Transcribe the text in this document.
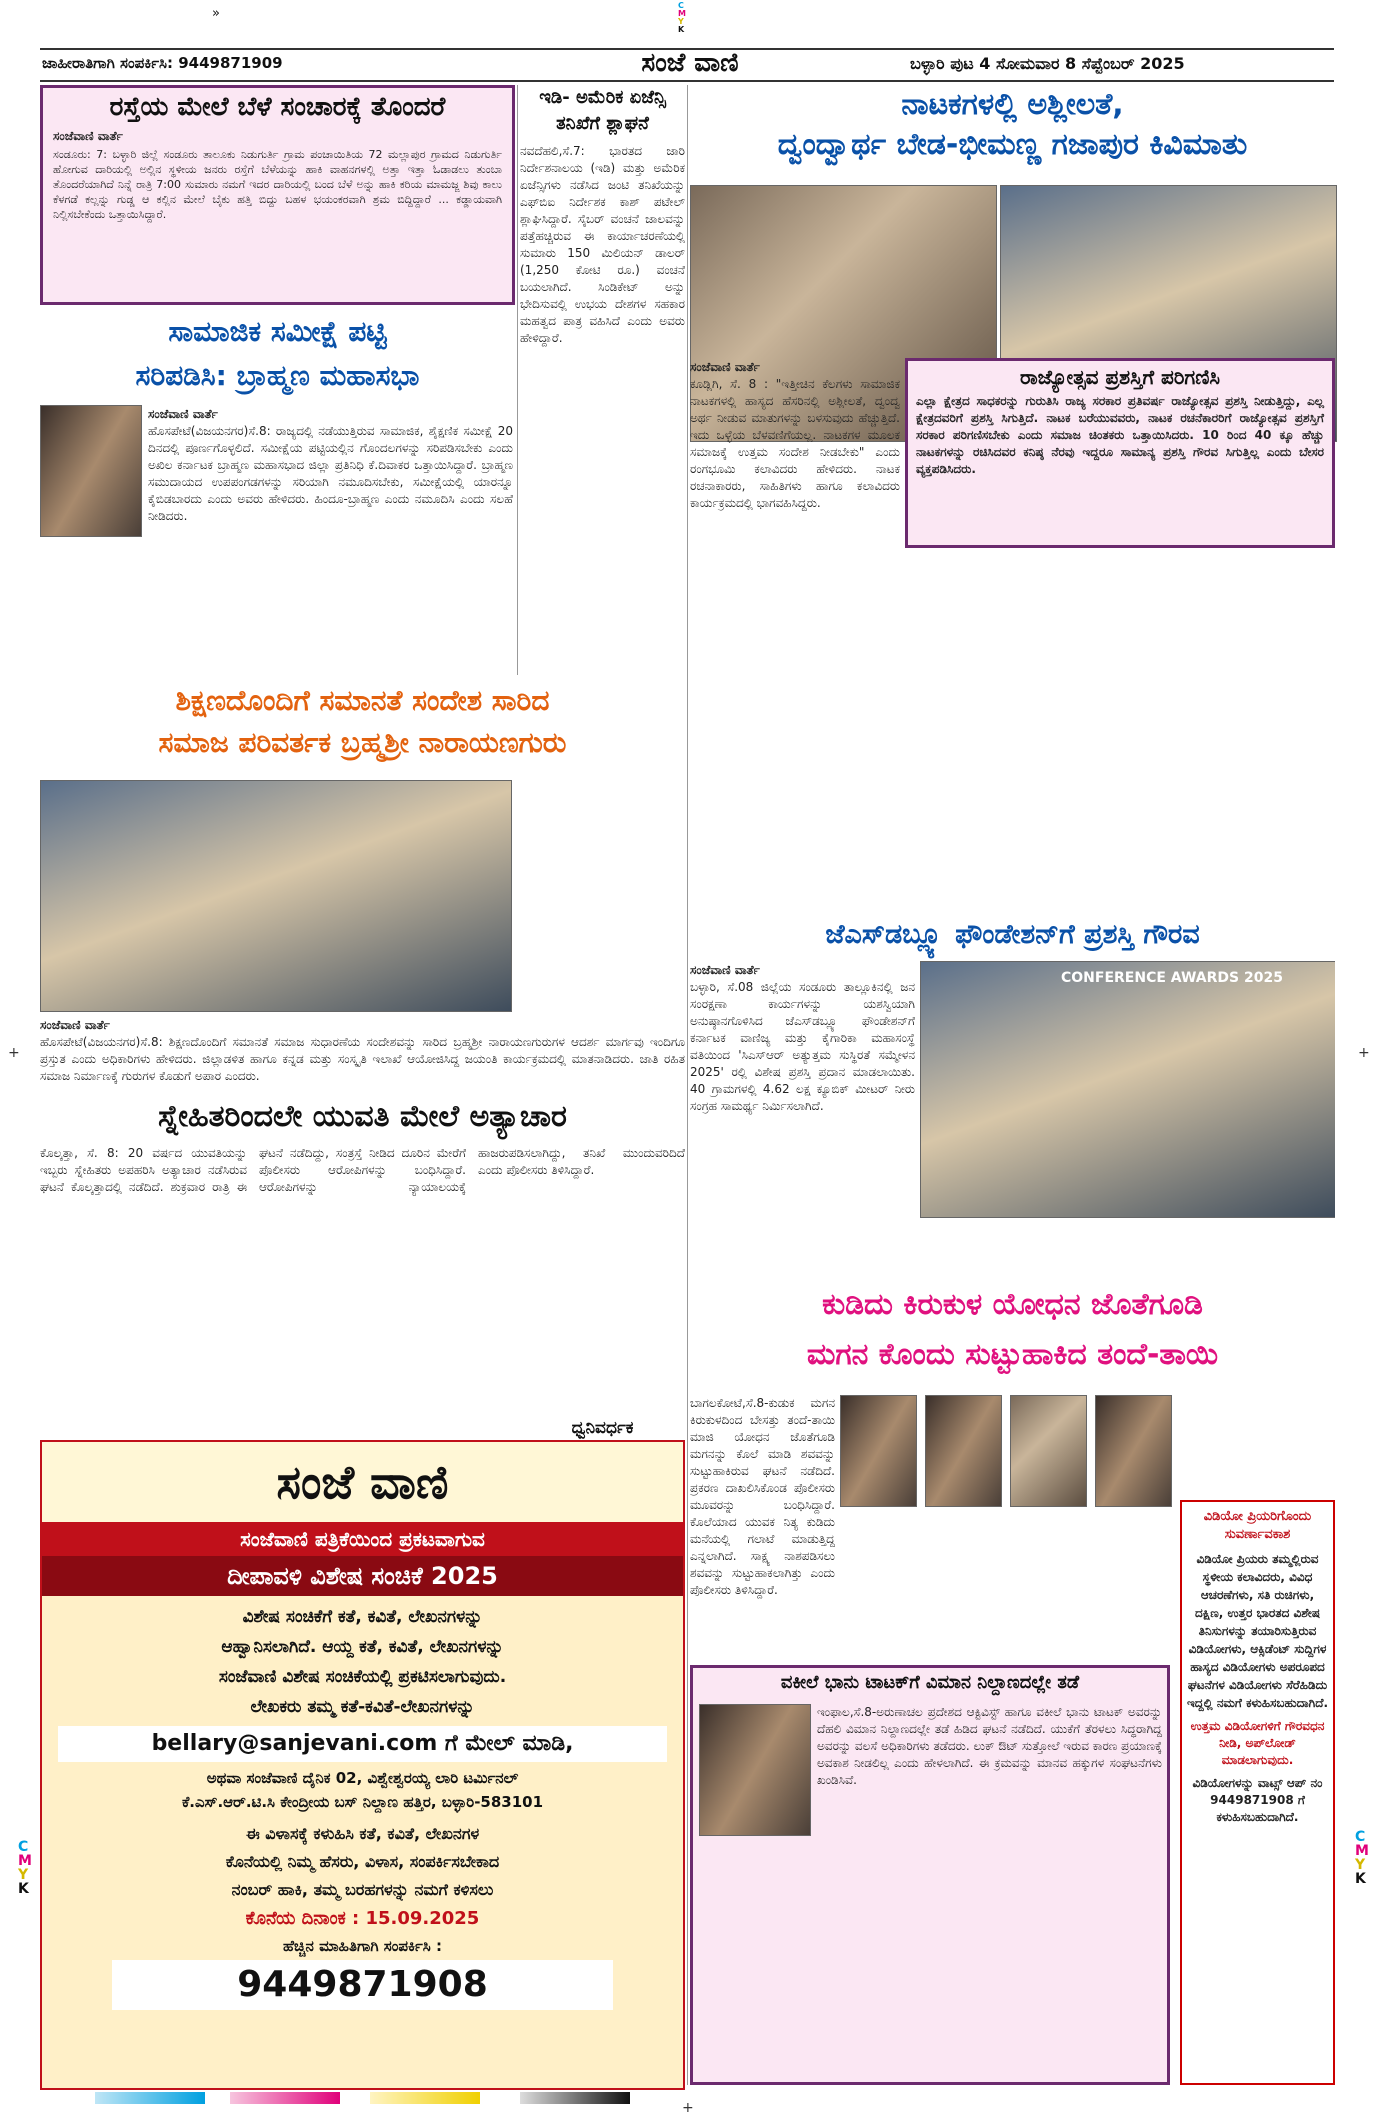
»
C
M
Y
K
C
M
Y
K
C
M
Y
K
+	+
+
ಜಾಹೀರಾತಿಗಾಗಿ ಸಂಪರ್ಕಿಸಿ: 9449871909	ಸಂಜೆ ವಾಣಿ	ಬಳ್ಳಾರಿ ಪುಟ 4 ಸೋಮವಾರ 8 ಸೆಪ್ಟೆಂಬರ್ 2025
ರಸ್ತೆಯ ಮೇಲೆ ಬೆಳೆ ಸಂಚಾರಕ್ಕೆ ತೊಂದರೆ
ಸಂಜೆವಾಣಿ ವಾರ್ತೆ
ಸಂಡೂರು: 7: ಬಳ್ಳಾರಿ ಜಿಲ್ಲೆ ಸಂಡೂರು ತಾಲೂಕು ನಿಡುಗುರ್ತಿ ಗ್ರಾಮ ಪಂಚಾಯಿತಿಯ 72 ಮಲ್ಲಾಪುರ ಗ್ರಾಮದ ನಿಡುಗುರ್ತಿ ಹೋಗುವ ದಾರಿಯಲ್ಲಿ ಅಲ್ಲಿನ ಸ್ಥಳೀಯ ಜನರು ರಸ್ತೆಗೆ ಬೆಳೆಯನ್ನು ಹಾಕಿ ವಾಹನಗಳಲ್ಲಿ ಅತ್ತಾ ಇತ್ತಾ ಓಡಾಡಲು ತುಂಬಾ ತೊಂದರೆಯಾಗಿದೆ ನಿನ್ನೆ ರಾತ್ರಿ 7:00 ಸುಮಾರು ನಮಗೆ ಇದರ ದಾರಿಯಲ್ಲಿ ಬಂದ ಬೆಳೆ ಅನ್ನು ಹಾಕಿ ಕರಿಯ ಮಾಮಜ್ಜ ಶಿವು ಕಾಲು ಕೆಳಗಡೆ ಕಲ್ಲನ್ನು ಗುಡ್ಡ ಆ ಕಲ್ಲಿನ ಮೇಲೆ ಬೈಕು ಹತ್ತಿ ಬಿದ್ದು ಬಹಳ ಭಯಂಕರವಾಗಿ ಶ್ರಮ ಬಿದ್ದಿದ್ದಾರೆ ... ಕಡ್ಡಾಯವಾಗಿ ನಿಲ್ಲಿಸಬೇಕೆಂದು ಒತ್ತಾಯಿಸಿದ್ದಾರೆ.
ಇಡಿ- ಅಮೆರಿಕ ಏಜೆನ್ಸಿ ತನಿಖೆಗೆ ಶ್ಲಾಘನೆ
ನವದೆಹಲಿ,ಸೆ.7: ಭಾರತದ ಜಾರಿ ನಿರ್ದೇಶನಾಲಯ (ಇಡಿ) ಮತ್ತು ಅಮೆರಿಕ ಏಜೆನ್ಸಿಗಳು ನಡೆಸಿದ ಜಂಟಿ ತನಿಖೆಯನ್ನು ಎಫ್‌ಬಿಐ ನಿರ್ದೇಶಕ ಕಾಶ್ ಪಟೇಲ್ ಶ್ಲಾಘಿಸಿದ್ದಾರೆ. ಸೈಬರ್ ವಂಚನೆ ಜಾಲವನ್ನು ಪತ್ತೆಹಚ್ಚಿರುವ ಈ ಕಾರ್ಯಾಚರಣೆಯಲ್ಲಿ ಸುಮಾರು 150 ಮಿಲಿಯನ್ ಡಾಲರ್ (1,250 ಕೋಟಿ ರೂ.) ವಂಚನೆ ಬಯಲಾಗಿದೆ. ಸಿಂಡಿಕೇಟ್ ಅನ್ನು ಭೇದಿಸುವಲ್ಲಿ ಉಭಯ ದೇಶಗಳ ಸಹಕಾರ ಮಹತ್ವದ ಪಾತ್ರ ವಹಿಸಿದೆ ಎಂದು ಅವರು ಹೇಳಿದ್ದಾರೆ.
ನಾಟಕಗಳಲ್ಲಿ ಅಶ್ಲೀಲತೆ,
ದ್ವಂದ್ವಾರ್ಥ ಬೇಡ-ಭೀಮಣ್ಣ ಗಜಾಪುರ ಕಿವಿಮಾತು
ಸಂಜೆವಾಣಿ ವಾರ್ತೆ
ಕೂಡ್ಲಿಗಿ, ಸೆ. 8 : "ಇತ್ತೀಚಿನ ಕೆಲಗಳು ಸಾಮಾಜಿಕ ನಾಟಕಗಳಲ್ಲಿ ಹಾಸ್ಯದ ಹೆಸರಿನಲ್ಲಿ ಅಶ್ಲೀಲತೆ, ದ್ವಂದ್ವ ಅರ್ಥ ನೀಡುವ ಮಾತುಗಳನ್ನು ಬಳಸುವುದು ಹೆಚ್ಚುತ್ತಿದೆ. ಇದು ಒಳ್ಳೆಯ ಬೆಳವಣಿಗೆಯಲ್ಲ. ನಾಟಕಗಳ ಮೂಲಕ ಸಮಾಜಕ್ಕೆ ಉತ್ತಮ ಸಂದೇಶ ನೀಡಬೇಕು" ಎಂದು ರಂಗಭೂಮಿ ಕಲಾವಿದರು ಹೇಳಿದರು. ನಾಟಕ ರಚನಾಕಾರರು, ಸಾಹಿತಿಗಳು ಹಾಗೂ ಕಲಾವಿದರು ಕಾರ್ಯಕ್ರಮದಲ್ಲಿ ಭಾಗವಹಿಸಿದ್ದರು.
ರಾಜ್ಯೋತ್ಸವ ಪ್ರಶಸ್ತಿಗೆ ಪರಿಗಣಿಸಿ
ಎಲ್ಲಾ ಕ್ಷೇತ್ರದ ಸಾಧಕರನ್ನು ಗುರುತಿಸಿ ರಾಜ್ಯ ಸರಕಾರ ಪ್ರತಿವರ್ಷ ರಾಜ್ಯೋತ್ಸವ ಪ್ರಶಸ್ತಿ ನೀಡುತ್ತಿದ್ದು, ಎಲ್ಲ ಕ್ಷೇತ್ರದವರಿಗೆ ಪ್ರಶಸ್ತಿ ಸಿಗುತ್ತಿದೆ. ನಾಟಕ ಬರೆಯುವವರು, ನಾಟಕ ರಚನೆಕಾರರಿಗೆ ರಾಜ್ಯೋತ್ಸವ ಪ್ರಶಸ್ತಿಗೆ ಸರಕಾರ ಪರಿಗಣಿಸಬೇಕು ಎಂದು ಸಮಾಜ ಚಿಂತಕರು ಒತ್ತಾಯಿಸಿದರು. 10 ರಿಂದ 40 ಕ್ಕೂ ಹೆಚ್ಚು ನಾಟಕಗಳನ್ನು ರಚಿಸಿದವರ ಕನಿಷ್ಠ ನೆರವು ಇದ್ದರೂ ಸಾಮಾನ್ಯ ಪ್ರಶಸ್ತಿ ಗೌರವ ಸಿಗುತ್ತಿಲ್ಲ ಎಂದು ಬೇಸರ ವ್ಯಕ್ತಪಡಿಸಿದರು.
ಸಾಮಾಜಿಕ ಸಮೀಕ್ಷೆ ಪಟ್ಟಿ
ಸರಿಪಡಿಸಿ: ಬ್ರಾಹ್ಮಣ ಮಹಾಸಭಾ
ಸಂಜೆವಾಣಿ ವಾರ್ತೆ
ಹೊಸಪೇಟೆ(ವಿಜಯನಗರ)ಸೆ.8: ರಾಜ್ಯದಲ್ಲಿ ನಡೆಯುತ್ತಿರುವ ಸಾಮಾಜಿಕ, ಶೈಕ್ಷಣಿಕ ಸಮೀಕ್ಷೆ 20 ದಿನದಲ್ಲಿ ಪೂರ್ಣಗೊಳ್ಳಲಿದೆ. ಸಮೀಕ್ಷೆಯ ಪಟ್ಟಿಯಲ್ಲಿನ ಗೊಂದಲಗಳನ್ನು ಸರಿಪಡಿಸಬೇಕು ಎಂದು ಅಖಿಲ ಕರ್ನಾಟಕ ಬ್ರಾಹ್ಮಣ ಮಹಾಸಭಾದ ಜಿಲ್ಲಾ ಪ್ರತಿನಿಧಿ ಕೆ.ದಿವಾಕರ ಒತ್ತಾಯಿಸಿದ್ದಾರೆ. ಬ್ರಾಹ್ಮಣ ಸಮುದಾಯದ ಉಪಪಂಗಡಗಳನ್ನು ಸರಿಯಾಗಿ ನಮೂದಿಸಬೇಕು, ಸಮೀಕ್ಷೆಯಲ್ಲಿ ಯಾರನ್ನೂ ಕೈಬಿಡಬಾರದು ಎಂದು ಅವರು ಹೇಳಿದರು. ಹಿಂದೂ-ಬ್ರಾಹ್ಮಣ ಎಂದು ನಮೂದಿಸಿ ಎಂದು ಸಲಹೆ ನೀಡಿದರು.
ಶಿಕ್ಷಣದೊಂದಿಗೆ ಸಮಾನತೆ ಸಂದೇಶ ಸಾರಿದ
ಸಮಾಜ ಪರಿವರ್ತಕ ಬ್ರಹ್ಮಶ್ರೀ ನಾರಾಯಣಗುರು
ಸಂಜೆವಾಣಿ ವಾರ್ತೆ
ಹೊಸಪೇಟೆ(ವಿಜಯನಗರ)ಸೆ.8: ಶಿಕ್ಷಣದೊಂದಿಗೆ ಸಮಾನತೆ ಸಮಾಜ ಸುಧಾರಣೆಯ ಸಂದೇಶವನ್ನು ಸಾರಿದ ಬ್ರಹ್ಮಶ್ರೀ ನಾರಾಯಣಗುರುಗಳ ಆದರ್ಶ ಮಾರ್ಗವು ಇಂದಿಗೂ ಪ್ರಸ್ತುತ ಎಂದು ಅಧಿಕಾರಿಗಳು ಹೇಳಿದರು. ಜಿಲ್ಲಾಡಳಿತ ಹಾಗೂ ಕನ್ನಡ ಮತ್ತು ಸಂಸ್ಕೃತಿ ಇಲಾಖೆ ಆಯೋಜಿಸಿದ್ದ ಜಯಂತಿ ಕಾರ್ಯಕ್ರಮದಲ್ಲಿ ಮಾತನಾಡಿದರು. ಜಾತಿ ರಹಿತ ಸಮಾಜ ನಿರ್ಮಾಣಕ್ಕೆ ಗುರುಗಳ ಕೊಡುಗೆ ಅಪಾರ ಎಂದರು.
ಜೆಎಸ್‌ಡಬ್ಲ್ಯೂ ಫೌಂಡೇಶನ್‌ಗೆ ಪ್ರಶಸ್ತಿ ಗೌರವ
ಸಂಜೆವಾಣಿ ವಾರ್ತೆ
ಬಳ್ಳಾರಿ, ಸೆ.08 ಜಿಲ್ಲೆಯ ಸಂಡೂರು ತಾಲ್ಲೂಕಿನಲ್ಲಿ ಜನ ಸಂರಕ್ಷಣಾ ಕಾರ್ಯಗಳನ್ನು ಯಶಸ್ವಿಯಾಗಿ ಅನುಷ್ಠಾನಗೊಳಿಸಿದ ಜೆಎಸ್‌ಡಬ್ಲ್ಯೂ ಫೌಂಡೇಶನ್‌ಗೆ ಕರ್ನಾಟಕ ವಾಣಿಜ್ಯ ಮತ್ತು ಕೈಗಾರಿಕಾ ಮಹಾಸಂಸ್ಥೆ ವತಿಯಿಂದ 'ಸಿಎಸ್‌ಆರ್ ಅತ್ಯುತ್ತಮ ಸುಸ್ಥಿರತೆ ಸಮ್ಮೇಳನ 2025' ರಲ್ಲಿ ವಿಶೇಷ ಪ್ರಶಸ್ತಿ ಪ್ರದಾನ ಮಾಡಲಾಯಿತು. 40 ಗ್ರಾಮಗಳಲ್ಲಿ 4.62 ಲಕ್ಷ ಕ್ಯೂಬಿಕ್ ಮೀಟರ್ ನೀರು ಸಂಗ್ರಹ ಸಾಮರ್ಥ್ಯ ನಿರ್ಮಿಸಲಾಗಿದೆ.
CONFERENCE AWARDS 2025
ಸ್ನೇಹಿತರಿಂದಲೇ ಯುವತಿ ಮೇಲೆ ಅತ್ಯಾಚಾರ
ಕೊಲ್ಕತ್ತಾ, ಸೆ. 8: 20 ವರ್ಷದ ಯುವತಿಯನ್ನು ಇಬ್ಬರು ಸ್ನೇಹಿತರು ಅಪಹರಿಸಿ ಅತ್ಯಾಚಾರ ನಡೆಸಿರುವ ಘಟನೆ ಕೊಲ್ಕತ್ತಾದಲ್ಲಿ ನಡೆದಿದೆ. ಶುಕ್ರವಾರ ರಾತ್ರಿ ಈ ಘಟನೆ ನಡೆದಿದ್ದು, ಸಂತ್ರಸ್ತೆ ನೀಡಿದ ದೂರಿನ ಮೇರೆಗೆ ಪೊಲೀಸರು ಆರೋಪಿಗಳನ್ನು ಬಂಧಿಸಿದ್ದಾರೆ. ಆರೋಪಿಗಳನ್ನು ನ್ಯಾಯಾಲಯಕ್ಕೆ ಹಾಜರುಪಡಿಸಲಾಗಿದ್ದು, ತನಿಖೆ ಮುಂದುವರಿದಿದೆ ಎಂದು ಪೊಲೀಸರು ತಿಳಿಸಿದ್ದಾರೆ.
ಕುಡಿದು ಕಿರುಕುಳ ಯೋಧನ ಜೊತೆಗೂಡಿ
ಮಗನ ಕೊಂದು ಸುಟ್ಟುಹಾಕಿದ ತಂದೆ-ತಾಯಿ
ಬಾಗಲಕೋಟೆ,ಸೆ.8-ಕುಡುಕ ಮಗನ ಕಿರುಕುಳದಿಂದ ಬೇಸತ್ತು ತಂದೆ-ತಾಯಿ ಮಾಜಿ ಯೋಧನ ಜೊತೆಗೂಡಿ ಮಗನನ್ನು ಕೊಲೆ ಮಾಡಿ ಶವವನ್ನು ಸುಟ್ಟುಹಾಕಿರುವ ಘಟನೆ ನಡೆದಿದೆ. ಪ್ರಕರಣ ದಾಖಲಿಸಿಕೊಂಡ ಪೊಲೀಸರು ಮೂವರನ್ನು ಬಂಧಿಸಿದ್ದಾರೆ. ಕೊಲೆಯಾದ ಯುವಕ ನಿತ್ಯ ಕುಡಿದು ಮನೆಯಲ್ಲಿ ಗಲಾಟೆ ಮಾಡುತ್ತಿದ್ದ ಎನ್ನಲಾಗಿದೆ. ಸಾಕ್ಷ್ಯ ನಾಶಪಡಿಸಲು ಶವವನ್ನು ಸುಟ್ಟುಹಾಕಲಾಗಿತ್ತು ಎಂದು ಪೊಲೀಸರು ತಿಳಿಸಿದ್ದಾರೆ.
ಧ್ವನಿವರ್ಧಕ
ವಕೀಲೆ ಭಾನು ಟಾಟಕ್‌ಗೆ ವಿಮಾನ ನಿಲ್ದಾಣದಲ್ಲೇ ತಡೆ
ಇಂಫಾಲ,ಸೆ.8-ಅರುಣಾಚಲ ಪ್ರದೇಶದ ಆಕ್ಟಿವಿಸ್ಟ್ ಹಾಗೂ ವಕೀಲೆ ಭಾನು ಟಾಟಕ್ ಅವರನ್ನು ದೆಹಲಿ ವಿಮಾನ ನಿಲ್ದಾಣದಲ್ಲೇ ತಡೆ ಹಿಡಿದ ಘಟನೆ ನಡೆದಿದೆ. ಯುಕೆಗೆ ತೆರಳಲು ಸಿದ್ಧರಾಗಿದ್ದ ಅವರನ್ನು ವಲಸೆ ಅಧಿಕಾರಿಗಳು ತಡೆದರು. ಲುಕ್ ಔಟ್ ಸುತ್ತೋಲೆ ಇರುವ ಕಾರಣ ಪ್ರಯಾಣಕ್ಕೆ ಅವಕಾಶ ನೀಡಲಿಲ್ಲ ಎಂದು ಹೇಳಲಾಗಿದೆ. ಈ ಕ್ರಮವನ್ನು ಮಾನವ ಹಕ್ಕುಗಳ ಸಂಘಟನೆಗಳು ಖಂಡಿಸಿವೆ.
ವಿಡಿಯೋ ಪ್ರಿಯರಿಗೊಂದು ಸುವರ್ಣಾವಕಾಶ
ವಿಡಿಯೋ ಪ್ರಿಯರು ತಮ್ಮಲ್ಲಿರುವ ಸ್ಥಳೀಯ ಕಲಾವಿದರು, ವಿವಿಧ ಆಚರಣೆಗಳು, ಸತಿ ರುಚಿಗಳು, ದಕ್ಷಿಣ, ಉತ್ತರ ಭಾರತದ ವಿಶೇಷ ತಿನಿಸುಗಳನ್ನು ತಯಾರಿಸುತ್ತಿರುವ ವಿಡಿಯೋಗಳು, ಆಕ್ಸಿಡೆಂಟ್ ಸುದ್ದಿಗಳ ಹಾಸ್ಯದ ವಿಡಿಯೋಗಳು ಅಪರೂಪದ ಘಟನೆಗಳ ವಿಡಿಯೋಗಳು ಸೆರೆಹಿಡಿದು ಇದ್ದಲ್ಲಿ ನಮಗೆ ಕಳುಹಿಸಬಹುದಾಗಿದೆ.
ಉತ್ತಮ ವಿಡಿಯೋಗಳಿಗೆ ಗೌರವಧನ ನೀಡಿ, ಅಪ್‌ಲೋಡ್ ಮಾಡಲಾಗುವುದು.
ವಿಡಿಯೋಗಳನ್ನು ವಾಟ್ಸ್ ಆಪ್ ನಂ 9449871908 ಗೆ ಕಳುಹಿಸಬಹುದಾಗಿದೆ.
ಸಂಜೆ ವಾಣಿ
ಸಂಜೆವಾಣಿ ಪತ್ರಿಕೆಯಿಂದ ಪ್ರಕಟವಾಗುವ
ದೀಪಾವಳಿ ವಿಶೇಷ ಸಂಚಿಕೆ 2025
ವಿಶೇಷ ಸಂಚಿಕೆಗೆ ಕತೆ, ಕವಿತೆ, ಲೇಖನಗಳನ್ನು
ಆಹ್ವಾನಿಸಲಾಗಿದೆ. ಆಯ್ದ ಕತೆ, ಕವಿತೆ, ಲೇಖನಗಳನ್ನು
ಸಂಜೆವಾಣಿ ವಿಶೇಷ ಸಂಚಿಕೆಯಲ್ಲಿ ಪ್ರಕಟಿಸಲಾಗುವುದು.
ಲೇಖಕರು ತಮ್ಮ ಕತೆ-ಕವಿತೆ-ಲೇಖನಗಳನ್ನು
bellary@sanjevani.com ಗೆ ಮೇಲ್ ಮಾಡಿ,
ಅಥವಾ ಸಂಜೆವಾಣಿ ದೈನಿಕ 02, ವಿಶ್ವೇಶ್ವರಯ್ಯ ಲಾರಿ ಟರ್ಮಿನಲ್
ಕೆ.ಎಸ್.ಆರ್.ಟಿ.ಸಿ ಕೇಂದ್ರೀಯ ಬಸ್ ನಿಲ್ದಾಣ ಹತ್ತಿರ, ಬಳ್ಳಾರಿ-583101
ಈ ವಿಳಾಸಕ್ಕೆ ಕಳುಹಿಸಿ ಕತೆ, ಕವಿತೆ, ಲೇಖನಗಳ
ಕೊನೆಯಲ್ಲಿ ನಿಮ್ಮ ಹೆಸರು, ವಿಳಾಸ, ಸಂಪರ್ಕಿಸಬೇಕಾದ
ನಂಬರ್ ಹಾಕಿ, ತಮ್ಮ ಬರಹಗಳನ್ನು ನಮಗೆ ಕಳಿಸಲು
ಕೊನೆಯ ದಿನಾಂಕ : 15.09.2025
ಹೆಚ್ಚಿನ ಮಾಹಿತಿಗಾಗಿ ಸಂಪರ್ಕಿಸಿ :
9449871908
